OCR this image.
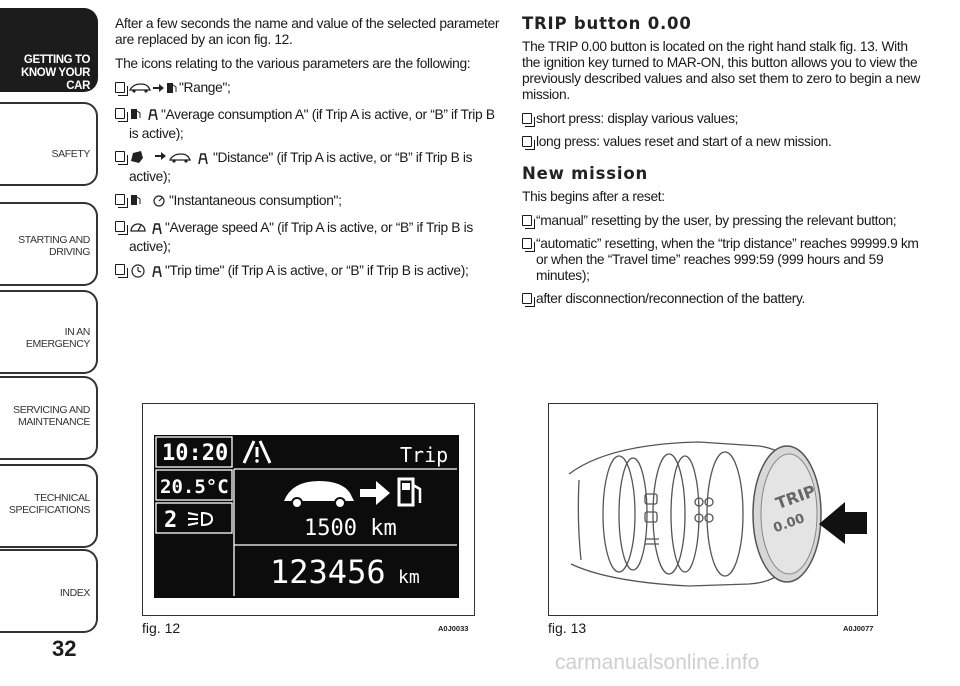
GETTING TO
KNOW YOUR CAR
SAFETY
STARTING AND
DRIVING
IN AN EMERGENCY
SERVICING AND
MAINTENANCE
TECHNICAL
SPECIFICATIONS
INDEX
32

After a few seconds the name and value of the selected parameter are replaced by an icon fig. 12.

The icons relating to the various parameters are the following:

"Range";
"Average consumption A" (if Trip A is active, or “B” if Trip B is active);
"Distance" (if Trip A is active, or “B” if Trip B is active);
"Instantaneous consumption";
"Average speed A" (if Trip A is active, or “B” if Trip B is active);
"Trip time" (if Trip A is active, or “B” if Trip B is active);
TRIP button 0.00

The TRIP 0.00 button is located on the right hand stalk fig. 13. With the ignition key turned to MAR-ON, this button allows you to view the previously described values and also set them to zero to begin a new mission.

short press: display various values;
long press: values reset and start of a new mission.
New mission

This begins after a reset:

“manual” resetting by the user, by pressing the relevant button;
“automatic” resetting, when the “trip distance” reaches 99999.9 km or when the “Travel time” reaches 999:59 (999 hours and 59 minutes);
after disconnection/reconnection of the battery.
10:20
20.5°C
2
Trip
1500 km
123456 km
fig. 12	A0J0033
TRIP
0.00
fig. 13	A0J0077
carmanualsonline.info
